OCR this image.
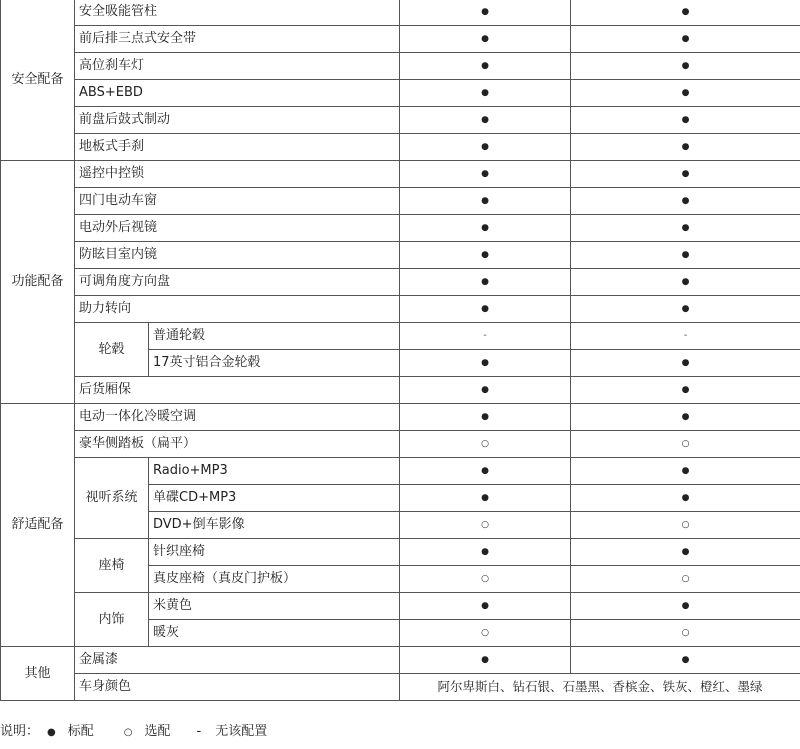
安全配备	安全吸能管柱		●	●
	前后排三点式安全带		●	●
	高位刹车灯		●	●
	ABS+EBD		●	●
	前盘后鼓式制动		●	●
	地板式手刹		●	●
功能配备	遥控中控锁		●	●
	四门电动车窗		●	●
	电动外后视镜		●	●
	防眩目室内镜		●	●
	可调角度方向盘		●	●
	助力转向		●	●
	轮毂	普通轮毂	-	-
		17英寸铝合金轮毂	●	●
	后货厢保		●	●
舒适配备	电动一体化冷暖空调		●	●
	豪华侧踏板（扁平）		○	○
	视听系统	Radio+MP3	●	●
		单碟CD+MP3	●	●
		DVD+倒车影像	○	○
	座椅	针织座椅	●	●
		真皮座椅（真皮门护板）	○	○
	内饰	米黄色	●	●
		暖灰	○	○
其他	金属漆		●	●
	车身颜色		阿尔卑斯白、钻石银、石墨黑、香槟金、铁灰、橙红、墨绿	
说明： ● 标配	○ 选配 - 无该配置
